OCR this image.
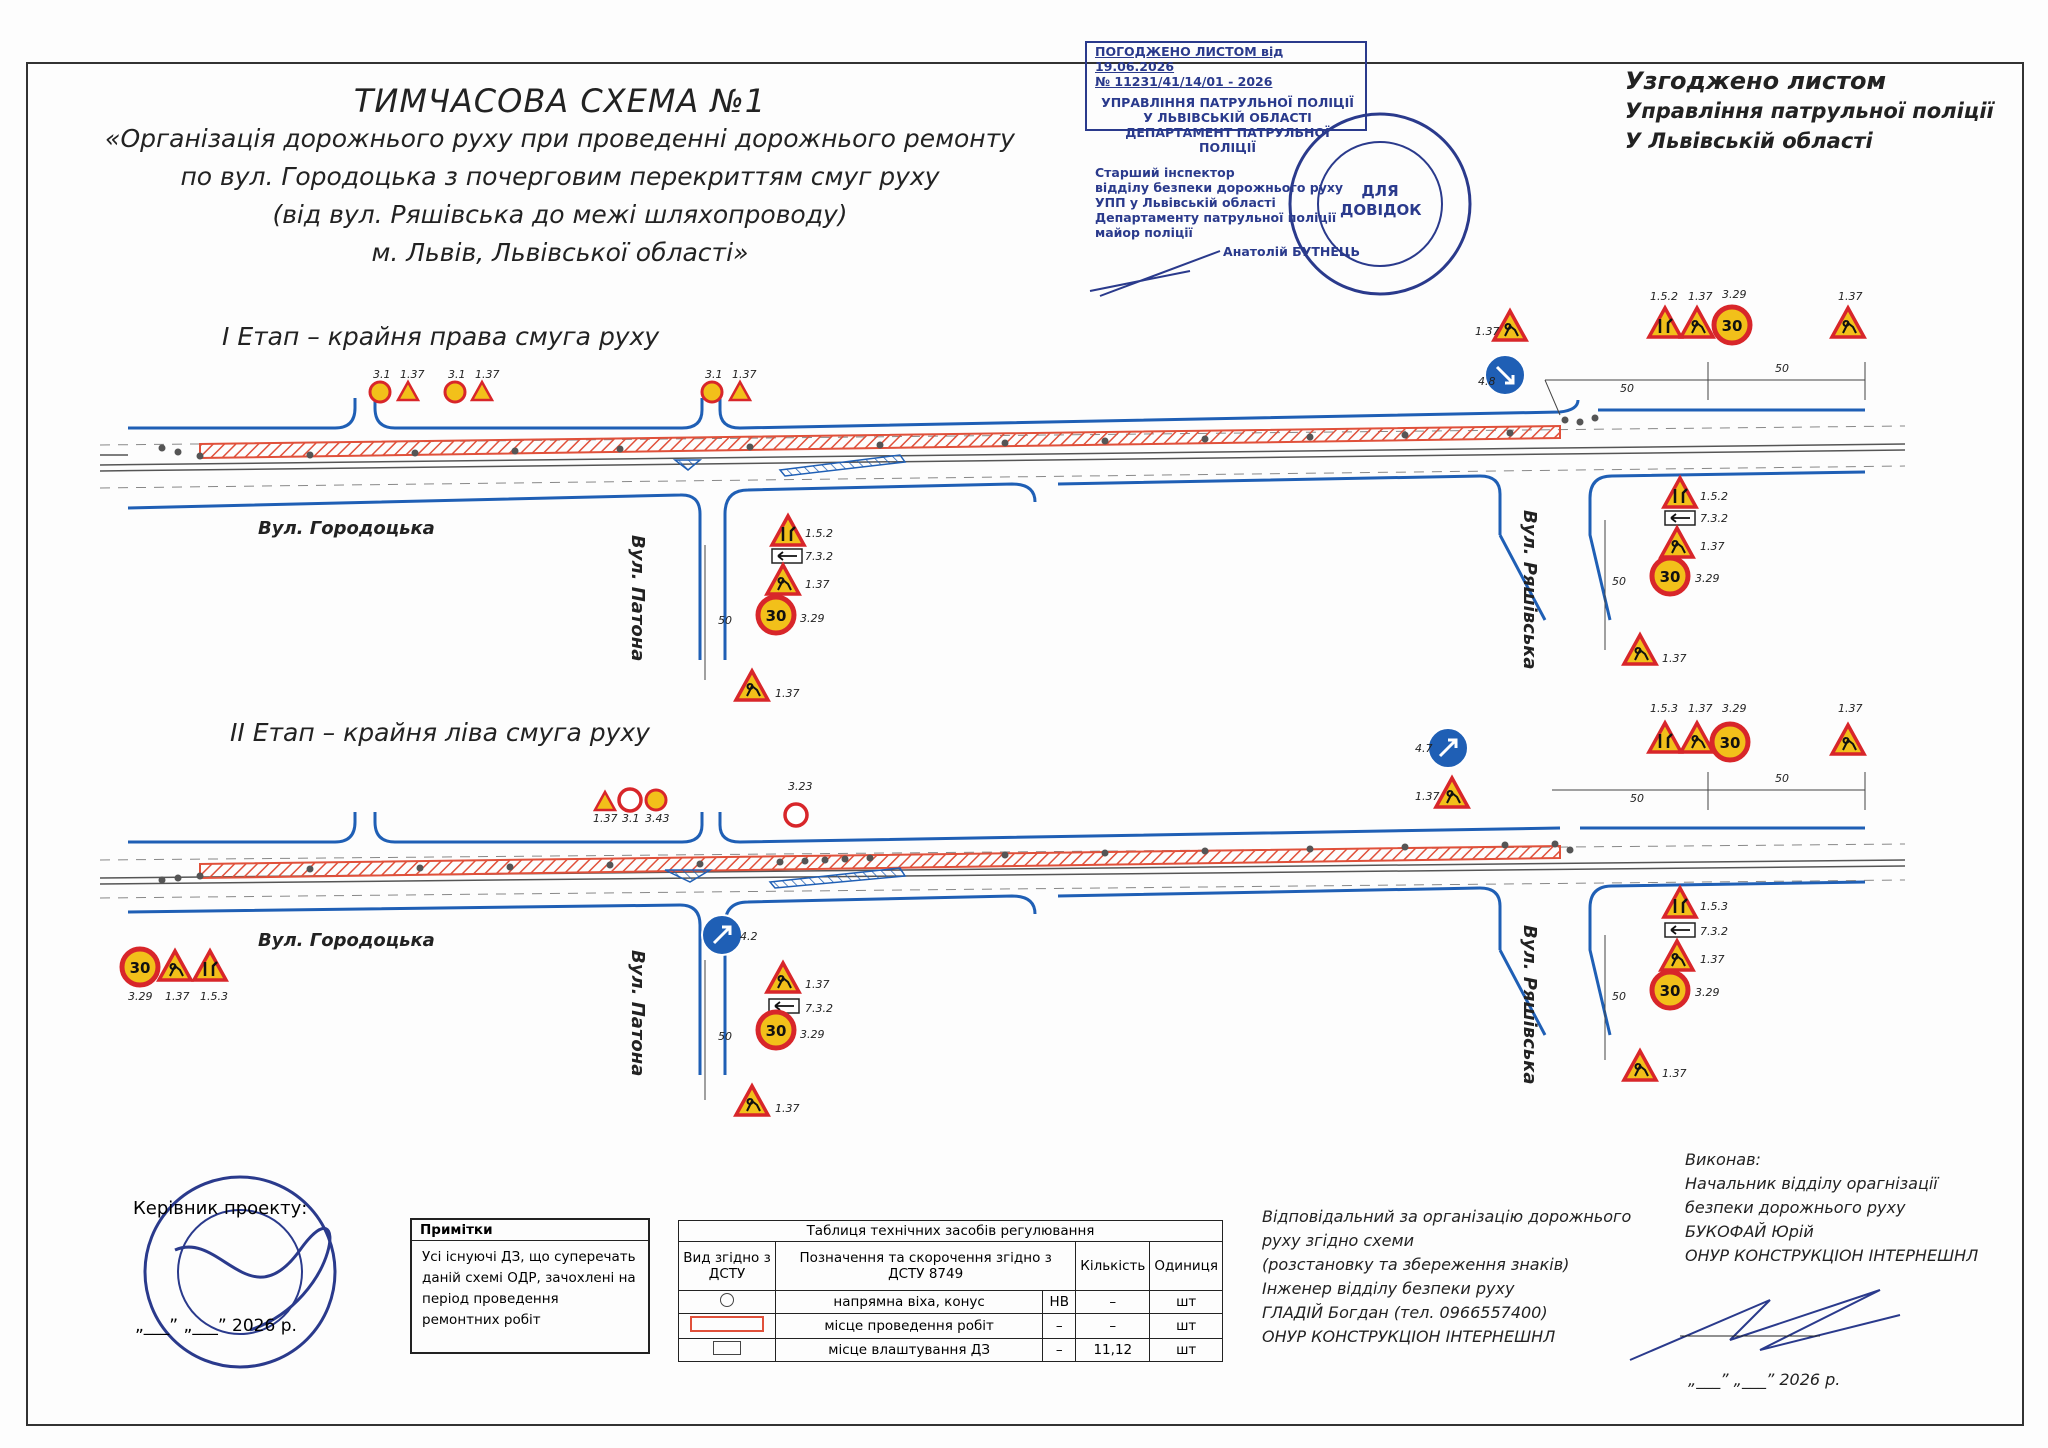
ТИМЧАСОВА СХЕМА №1
«Організація дорожнього руху при проведенні дорожнього ремонту
по вул. Городоцька з почерговим перекриттям смуг руху
(від вул. Ряшівська до межі шляхопроводу)
м. Львів, Львівської області»
Узгоджено листом
Управління патрульної поліції
У Львівській області
ПОГОДЖЕНО ЛИСТОМ від 19.06.2026
№ 11231/41/14/01 - 2026
УПРАВЛІННЯ ПАТРУЛЬНОЇ ПОЛІЦІЇ
У ЛЬВІВСЬКІЙ ОБЛАСТІ
ДЕПАРТАМЕНТ ПАТРУЛЬНОЇ ПОЛІЦІЇ
Старший інспектор
відділу безпеки дорожнього руху
УПП у Львівській області
Департаменту патрульної поліції
майор поліції
Анатолій БУТНЕЦЬ
ДЛЯ ДОВІДОК
І Етап – крайня права смуга руху
ІІ Етап – крайня ліва смуга руху
1.5.2
7.3.2
1.37
3.29
1.37
1.5.2
7.3.2
1.37
3.29
1.37
4.8
1.37
50
50
50
50
1.5.2 1.37 3.29	1.37
3.1 1.37 3.1 1.37	3.1 1.37
1.37 3.1 3.43
3.23
4.7
1.37	50
50
1.5.3 1.37 3.29	1.37
4.2
1.37
7.3.2
3.29
1.37
1.5.3
7.3.2
1.37
3.29
1.37
50
50
3.29 1.37 1.5.3
30
30
30
30
30
30
30
Вул. Городоцька
Вул. Городоцька
Вул. Патона
Вул. Патона
Вул. Ряшівська
Вул. Ряшівська
Керівник проекту:
„___” „___” 2026 р.
Примітки
Усі існуючі ДЗ, що суперечать даній схемі ОДР, зачохлені на період проведення ремонтних робіт
Таблиця технічних засобів регулювання				
Вид згідно з ДСТУ	Позначення та скорочення згідно з ДСТУ 8749		Кількість	Одиниця
	напрямна віха, конус	НВ	–	шт
	місце проведення робіт	–	–	шт
	місце влаштування ДЗ	–	11,12	шт
Відповідальний за організацію дорожнього
руху згідно схеми
(розстановку та збереження знаків)
Інженер відділу безпеки руху
ГЛАДІЙ Богдан (тел. 0966557400)
ОНУР КОНСТРУКЦІОН ІНТЕРНЕШНЛ
Виконав:
Начальник відділу орагнізації
безпеки дорожнього руху
БУКОФАЙ Юрій
ОНУР КОНСТРУКЦІОН ІНТЕРНЕШНЛ
„___” „___” 2026 р.
